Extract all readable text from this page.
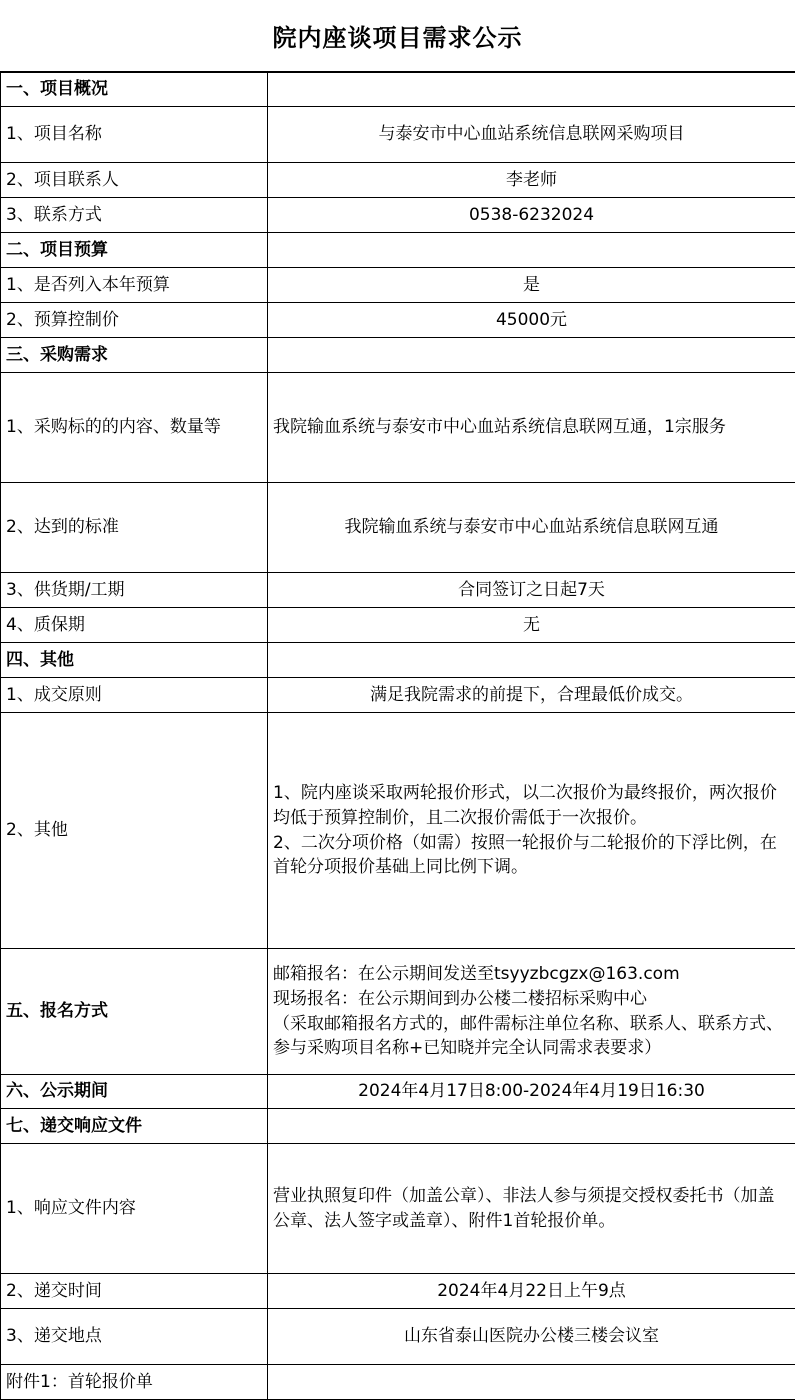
院内座谈项目需求公示
一、项目概况	
1、项目名称	与泰安市中心血站系统信息联网采购项目
2、项目联系人	李老师
3、联系方式	0538-6232024
二、项目预算	
1、是否列入本年预算	是
2、预算控制价	45000元
三、采购需求	
1、采购标的的内容、数量等	我院输血系统与泰安市中心血站系统信息联网互通，1宗服务
2、达到的标准	我院输血系统与泰安市中心血站系统信息联网互通
3、供货期/工期	合同签订之日起7天
4、质保期	无
四、其他	
1、成交原则	满足我院需求的前提下，合理最低价成交。
2、其他	1、院内座谈采取两轮报价形式，以二次报价为最终报价，两次报价均低于预算控制价，且二次报价需低于一次报价。
2、二次分项价格（如需）按照一轮报价与二轮报价的下浮比例，在首轮分项报价基础上同比例下调。

五、报名方式	邮箱报名：在公示期间发送至tsyyzbcgzx@163.com
现场报名：在公示期间到办公楼二楼招标采购中心
（采取邮箱报名方式的，邮件需标注单位名称、联系人、联系方式、参与采购项目名称+已知晓并完全认同需求表要求）

六、公示期间	2024年4月17日8:00-2024年4月19日16:30
七、递交响应文件	
1、响应文件内容	营业执照复印件（加盖公章）、非法人参与须提交授权委托书（加盖公章、法人签字或盖章）、附件1首轮报价单。
2、递交时间	2024年4月22日上午9点
3、递交地点	山东省泰山医院办公楼三楼会议室
附件1：首轮报价单	
